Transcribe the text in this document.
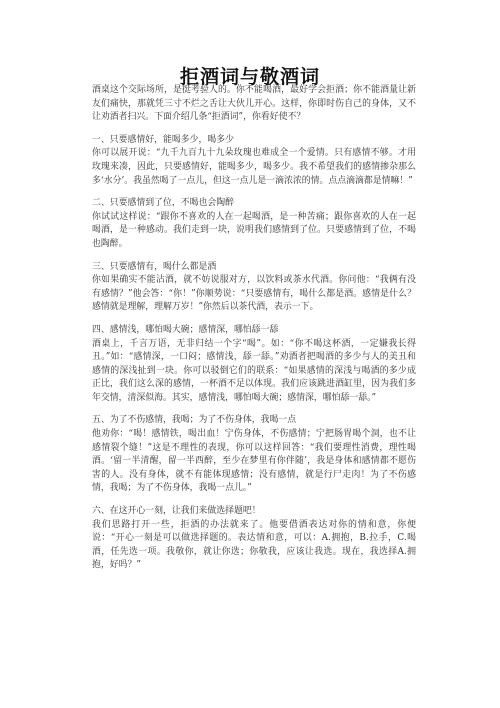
拒酒词与敬酒词

酒桌这个交际场所，是挺考验人的。你不能喝酒，最好学会拒酒；你不能酒量让新友们痛快，那就凭三寸不烂之舌让大伙儿开心。这样，你即时伤自己的身体，又不让劝酒者扫兴。下面介绍几条“拒酒词”，你看好使不？

一、只要感情好，能喝多少，喝多少

你可以展开说：“九千九百九十九朵玫瑰也难成全一个爱情。只有感情不够。才用玫瑰来凑，因此，只要感情好，能喝多少，喝多少。我不希望我们的感情掺杂那么多‘水分’。我虽然喝了一点儿，但这一点儿是一滴浓浓的情。点点滴滴都是情嘛！”

二、只要感情到了位，不喝也会陶醉

你试试这样说：“跟你不喜欢的人在一起喝酒，是一种苦痛；跟你喜欢的人在一起喝酒，是一种感动。我们走到一块，说明我们感情到了位。只要感情到了位，不喝也陶醉。

三、只要感情有，喝什么都是酒

你如果确实不能沾酒，就不妨说服对方，以饮料或茶水代酒。你问他：“我俩有没有感情？”他会答：“你！”你顺势说：“只要感情有，喝什么都是酒。感情是什么？感情就是理解，理解万岁！”你然后以茶代酒，表示一下。

四、感情浅，哪怕喝大碗；感情深，哪怕舔一舔

酒桌上，千言万语，无非归结一个字“喝”。如：“你不喝这杯酒，一定嫌我长得丑。”如：“感情深，一口闷；感情浅，舔一舔。”劝酒者把喝酒的多少与人的美丑和感情的深浅扯到一块。你可以驳倒它们的联系：“如果感情的深浅与喝酒的多少成正比，我们这么深的感情，一杯酒不足以体现。我们应该跳进酒缸里，因为我们多年交情，清深似海。其实，感情浅，哪怕喝大碗；感情深，哪怕舔一舔。”

五、为了不伤感情，我喝；为了不伤身体，我喝一点

他劝你：“喝！感情铁，喝出血！宁伤身体，不伤感情；宁把肠胃喝个洞，也不让感情裂个缝！”这是不理性的表现，你可以这样回答：“我们要理性消费，理性喝酒。‘留一半清醒，留一半西醉，至少在梦里有你伴随’，我是身体和感情都不愿伤害的人。没有身体，就不有能体现感情；没有感情，就是行尸走肉！为了不伤感情，我喝；为了不伤身体，我喝一点儿。”

六、在这开心一刻，让我们来做选择题吧！

我们思路打开一些，拒酒的办法就来了。他要借酒表达对你的情和意，你便说：“开心一刻是可以做选择题的。表达情和意，可以：A.拥抱，B.拉手，C.喝酒，任先选一项。我敬你，就让你选；你敬我，应该让我选。现在，我选择A.拥抱，好吗？”
